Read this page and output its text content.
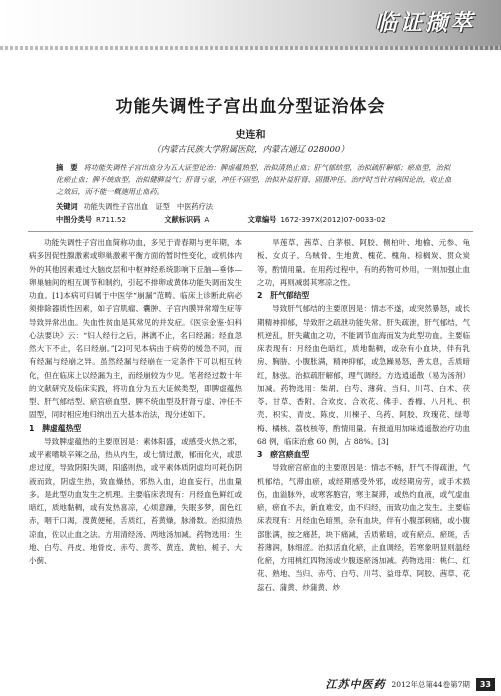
临证撷萃
功能失调性子宫出血分型证治体会
史连和
（内蒙古民族大学附属医院，内蒙古通辽 028000）
摘　要 将功能失调性子宫出血分为五大证型论治：脾虚蕴热型，治拟清热止血；肝气郁结型，治拟疏肝解郁；瘀血型，治拟化瘀止血；脾不统血型，治拟健脾益气；肝肾亏虚，冲任不固型，治拟补益肝肾、固摄冲任。治疗时当针对病因论治，收止血之效后，而不能一概施用止血药。
关键词 功能失调性子宫出血　证型　中医药疗法
中图分类号 R711.52	文献标识码 A	文章编号 1672-397X(2012)07-0033-02

功能失调性子宫出血简称功血，多见于青春期与更年期，本病多因促性腺激素或卵巢激素平衡方面的暂时性变化，或机体内外的其他因素通过大脑皮层和中枢神经系统影响下丘脑—垂体—卵巢轴间的相互调节和制约，引起不排卵或黄体功能失调而发生功血。[1]本病可归属于中医学“崩漏”范畴。临床上诊断此病必须排除器质性因素，如子宫肌瘤、囊肿、子宫内膜异常增生症等导致异常出血。失血性贫血是其常见的并发症。《医宗金鉴·妇科心法要诀》云：“妇人经行之后，淋漓不止，名曰经漏；经血忽然大下不止，名曰经崩。”[2]可见本病由于病势的缓急不同，而有经漏与经崩之异。虽然经漏与经崩在一定条件下可以相互转化，但在临床上以经漏为主，而经崩较为少见。笔者经过数十年的文献研究及临床实践，将功血分为五大证候类型，即脾虚蕴热型、肝气郁结型、瘀宫瘀血型、脾不统血型及肝肾亏虚、冲任不固型，同时相应地归纳出五大基本治法，现分述如下。

1　脾虚蕴热型

导致脾虚蕴热的主要原因是：素体阳盛，或感受火热之邪，或平素嗜啖辛辣之品，热从内生，或七情过激，郁而化火，或思虑过度，导致阴阳失调，阳盛则热，或平素体质阴虚均可耗伤阴液而致，阴虚生热，致血燥热，邪热入血，迫血妄行，出血量多。是此型功血发生之机理。主要临床表现有：月经血色鲜红或暗红，质地黏稠，或有发热喜凉，心烦意躁，失眠多梦，面色红赤，咽干口渴，溲黄便秘，舌质红，苔黄燥，脉滑数。治拟清热凉血，佐以止血之法。方用清经汤、两地汤加减。药物选用：生地、白芍、丹皮、地骨皮、赤芍、黄芩、黄连、黄柏、栀子、大小蓟、

旱莲草、茜草、白茅根、阿胶、侧柏叶、地榆、元参、龟板、女贞子、乌贼骨、生地黄、槐花、槐角、棕榈炭、贯众炭等，酌情用量。在用药过程中，有的药物可炒用，一则加强止血之功，再则减弱其寒凉之性。

2　肝气郁结型

导致肝气郁结的主要原因是：情志不遂，或突然暴怒，或长期精神抑郁，导致肝之疏泄功能失常。肝失疏泄，肝气郁结，气机逆乱，肝失藏血之功，不能调节血海而发为此型功血。主要临床表现有：月经血色暗红，质地黏稠，或杂有小血块，伴有乳房、胸胁、小腹胀满，精神抑郁，或急躁易怒，善太息，舌质暗红，脉弦。治拟疏肝解郁，理气调经。方选逍遥散（易为汤剂）加减。药物选用：柴胡、白芍、薄荷、当归、川芎、白术、茯苓、甘草、香附、合欢皮、合欢花、佛手、香橼、八月札、枳壳、枳实、青皮、陈皮、川楝子、乌药、阿胶、玫瑰花、绿萼梅、橘核、荔枝核等，酌情用量。有报道用加味逍遥散治疗功血 68 例，临床治愈 60 例，占 88%。[3]

3　瘀宫瘀血型

导致瘀宫瘀血的主要原因是：情志不畅，肝气不得疏泄，气机郁结，气滞血瘀，或经期感受外邪，或经期房劳，或手术损伤，血溢脉外，或寒客胞宫，寒主凝滞，或热灼血液，或气虚血瘀，瘀血不去，新血难安，血不归经，而致功血之发生。主要临床表现有：月经血色暗黑，杂有血块，伴有小腹部刺痛，或小腹部胀满，按之痛甚，块下痛减，舌质紫暗，或有瘀点、瘀斑，舌苔薄润，脉细涩。治拟活血化瘀，止血调经，若寒象明显则温经化瘀，方用桃红四物汤或少腹逐瘀汤加减。药物选用：桃仁、红花、熟地、当归、赤芍、白芍、川芎、益母草、阿胶、茜草、花蕊石、蒲黄、炒蒲黄、炒

江苏中医药 2012年总第44卷第7期	33
